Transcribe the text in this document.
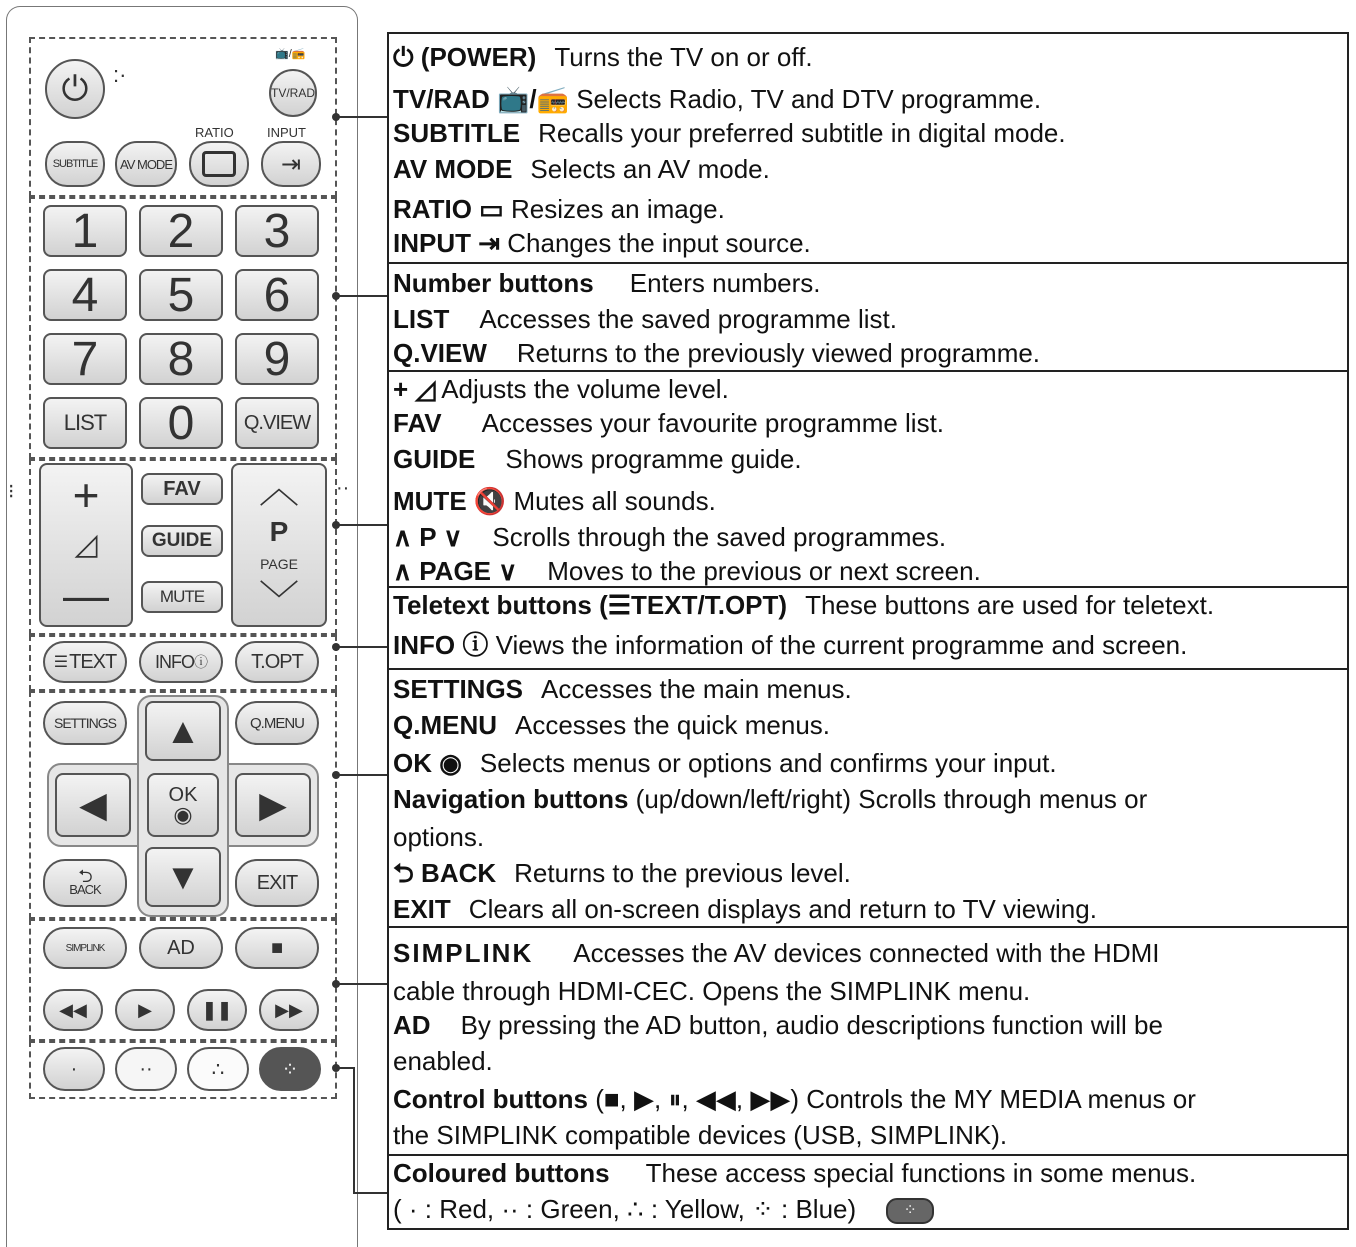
⏻ :·
📺/📻
TV/RAD
RATIO	INPUT
SUBTITLE AV MODE	⇥
1 2 3
4 5 6
7 8 9
LIST 0 Q.VIEW
+
◿
—
FAV
GUIDE
MUTE
︿
P
PAGE
﹀
☰ TEXT INFO ⓘ T.OPT
SETTINGS	Q.MENU
▲
◀	OK
◉ ▶
▼
⮌
BACK	EXIT
SIMPLINK	AD	■
◀◀	▶	❚❚ ▶▶
·	··	∴	⁘
⁝	··
⏻ (POWER) Turns the TV on or off.
TV/RAD 📺/📻 Selects Radio, TV and DTV programme.
SUBTITLE Recalls your preferred subtitle in digital mode.
AV MODE Selects an AV mode.
RATIO ▭ Resizes an image.
INPUT ⇥ Changes the input source.
Number buttons Enters numbers.
LIST Accesses the saved programme list.
Q.VIEW Returns to the previously viewed programme.
+ ◿ Adjusts the volume level.
FAV Accesses your favourite programme list.
GUIDE Shows programme guide.
MUTE 🔇 Mutes all sounds.
∧ P ∨ Scrolls through the saved programmes.
∧ PAGE ∨ Moves to the previous or next screen.
Teletext buttons (☰TEXT/T.OPT) These buttons are used for teletext.
INFO ⓘ Views the information of the current programme and screen.
SETTINGS Accesses the main menus.
Q.MENU Accesses the quick menus.
OK ◉ Selects menus or options and confirms your input.
Navigation buttons (up/down/left/right) Scrolls through menus or
options.
⮌ BACK Returns to the previous level.
EXIT Clears all on-screen displays and return to TV viewing.
SIMPLINK Accesses the AV devices connected with the HDMI
cable through HDMI-CEC. Opens the SIMPLINK menu.
AD By pressing the AD button, audio descriptions function will be
enabled.
Control buttons (■, ▶, ⏸, ◀◀, ▶▶) Controls the MY MEDIA menus or
the SIMPLINK compatible devices (USB, SIMPLINK).
Coloured buttons These access special functions in some menus.
( · : Red, ·· : Green, ∴ : Yellow, ⁘ : Blue)	⁘
